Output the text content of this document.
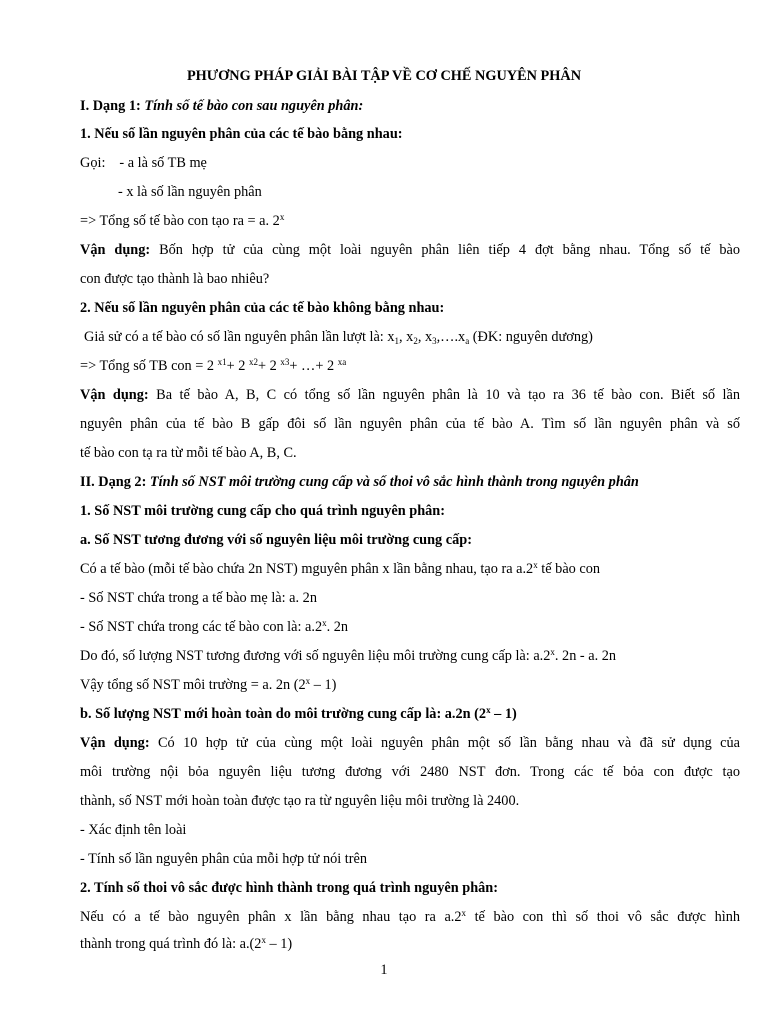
PHƯƠNG PHÁP GIẢI BÀI TẬP VỀ CƠ CHẾ NGUYÊN PHÂN
I. Dạng 1: Tính số tế bào con sau nguyên phân:
1. Nếu số lần nguyên phân của các tế bào bằng nhau:
Gọi: - a là số TB mẹ
- x là số lần nguyên phân
=> Tổng số tế bào con tạo ra = a. 2$^x$
Vận dụng: Bốn hợp tử của cùng một loài nguyên phân liên tiếp 4 đợt bằng nhau. Tổng số tế bào
con được tạo thành là bao nhiêu?
2. Nếu số lần nguyên phân của các tế bào không bằng nhau:
Giả sử có a tế bào có số lần nguyên phân lần lượt là: $x_1$, $x_2$, $x_3,\dots.x_a$ (ĐK: nguyên dương)
=> Tổng số TB con = 2 $^{x1}$+ 2 $^{x2}$+ 2 $^{x3}$+ …+ 2 $^{xa}$
Vận dụng: Ba tế bào A, B, C có tổng số lần nguyên phân là 10 và tạo ra 36 tế bào con. Biết số lần
nguyên phân của tế bào B gấp đôi số lần nguyên phân của tế bào A. Tìm số lần nguyên phân và số
tế bào con tạ ra từ mỗi tế bào A, B, C.
II. Dạng 2: Tính số NST môi trường cung cấp và số thoi vô sắc hình thành trong nguyên phân
1. Số NST môi trường cung cấp cho quá trình nguyên phân:
a. Số NST tương đương với số nguyên liệu môi trường cung cấp:
Có a tế bào (mỗi tế bào chứa 2n NST) mguyên phân x lần bằng nhau, tạo ra a.2$^x$ tế bào con
- Số NST chứa trong a tế bào mẹ là: a. 2n
- Số NST chứa trong các tế bào con là: a.2$^x$. 2n
Do đó, số lượng NST tương đương với số nguyên liệu môi trường cung cấp là: a.2$^x$. 2n - a. 2n
Vậy tổng số NST môi trường = a. 2n (2$^x$ – 1)
b. Số lượng NST mới hoàn toàn do môi trường cung cấp là: a.2n (2$^x$ – 1)
Vận dụng: Có 10 hợp tử của cùng một loài nguyên phân một số lần bằng nhau và đã sử dụng của
môi trường nội bỏa nguyên liệu tương đương với 2480 NST đơn. Trong các tế bỏa con được tạo
thành, số NST mới hoàn toàn được tạo ra từ nguyên liệu môi trường là 2400.
- Xác định tên loài
- Tính số lần nguyên phân của mỗi hợp tử nói trên
2. Tính số thoi vô sắc được hình thành trong quá trình nguyên phân:
Nếu có a tế bào nguyên phân x lần bằng nhau tạo ra a.2$^x$ tế bào con thì số thoi vô sắc được hình
thành trong quá trình đó là: a.(2$^x$ – 1)
1
